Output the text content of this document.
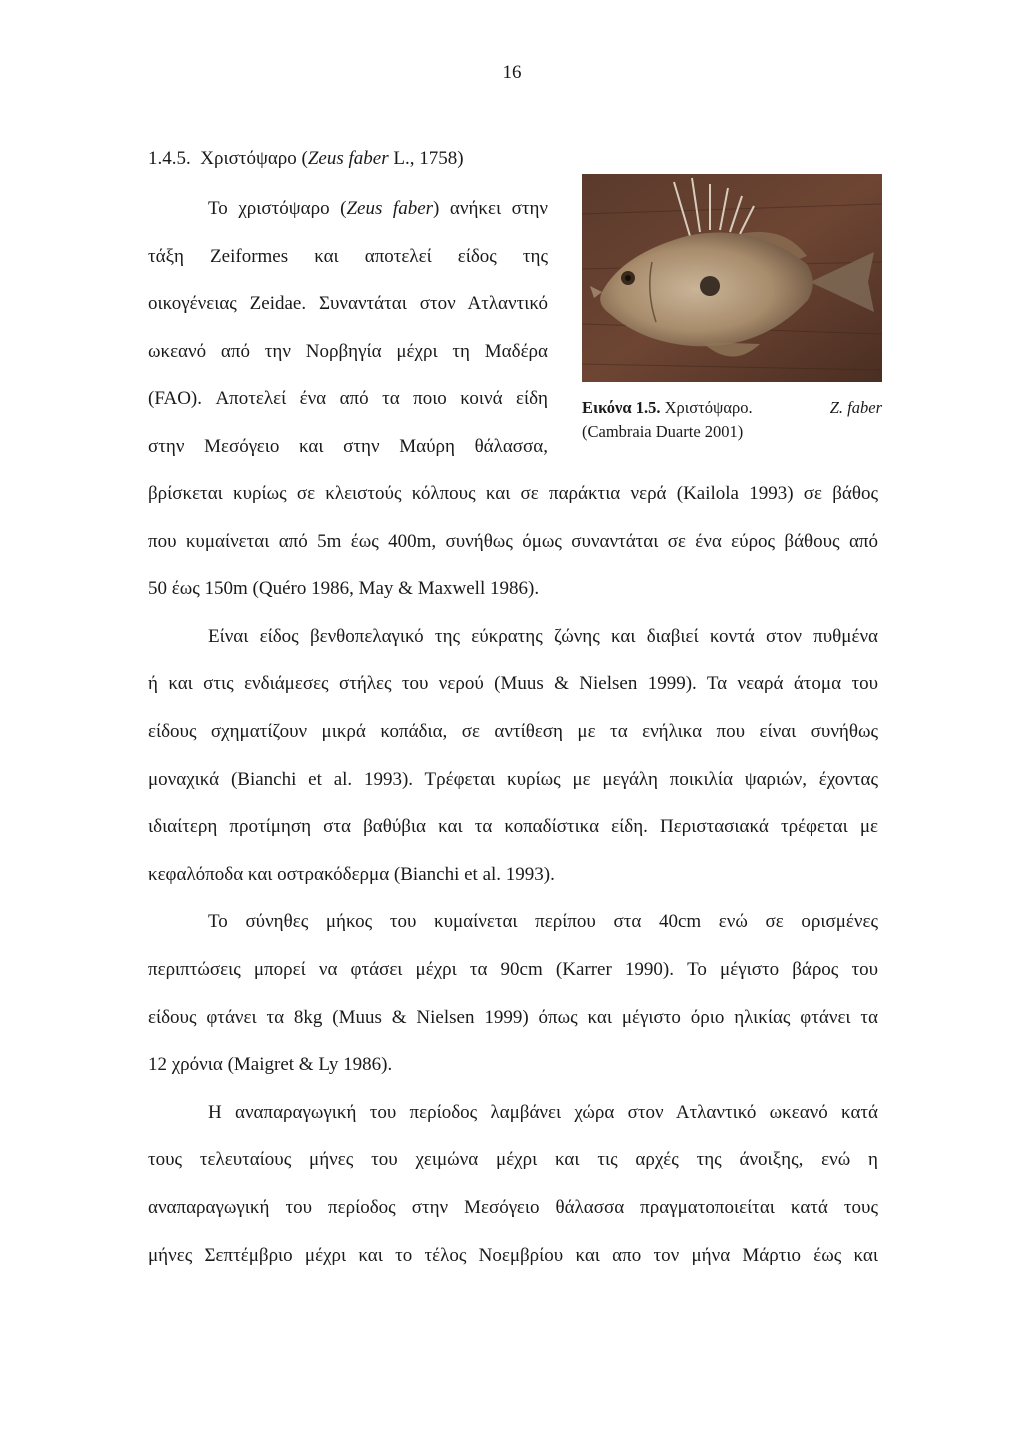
16
1.4.5. Χριστόψαρο (Zeus faber L., 1758)

Το χριστόψαρο (Zeus faber) ανήκει στην

τάξη Zeiformes και αποτελεί είδος της

οικογένειας Zeidae. Συναντάται στον Ατλαντικό

ωκεανό από την Νορβηγία μέχρι τη Μαδέρα

(FAO). Αποτελεί ένα από τα ποιο κοινά είδη

στην Μεσόγειο και στην Μαύρη θάλασσα,

Εικόνα 1.5. Χριστόψαρο.	Z. faber
(Cambraia Duarte 2001)
βρίσκεται κυρίως σε κλειστούς κόλπους και σε παράκτια νερά (Kailola 1993) σε βάθος
που κυμαίνεται από 5m έως 400m, συνήθως όμως συναντάται σε ένα εύρος βάθους από
50 έως 150m (Quéro 1986, May & Maxwell 1986).
Είναι είδος βενθοπελαγικό της εύκρατης ζώνης και διαβιεί κοντά στον πυθμένα
ή και στις ενδιάμεσες στήλες του νερού (Muus & Nielsen 1999). Τα νεαρά άτομα του
είδους σχηματίζουν μικρά κοπάδια, σε αντίθεση με τα ενήλικα που είναι συνήθως
μοναχικά (Bianchi et al. 1993). Τρέφεται κυρίως με μεγάλη ποικιλία ψαριών, έχοντας
ιδιαίτερη προτίμηση στα βαθύβια και τα κοπαδίστικα είδη. Περιστασιακά τρέφεται με
κεφαλόποδα και οστρακόδερμα (Bianchi et al. 1993).
Το σύνηθες μήκος του κυμαίνεται περίπου στα 40cm ενώ σε ορισμένες
περιπτώσεις μπορεί να φτάσει μέχρι τα 90cm (Karrer 1990). Το μέγιστο βάρος του
είδους φτάνει τα 8kg (Muus & Nielsen 1999) όπως και μέγιστο όριο ηλικίας φτάνει τα
12 χρόνια (Maigret & Ly 1986).
Η αναπαραγωγική του περίοδος λαμβάνει χώρα στον Ατλαντικό ωκεανό κατά
τους τελευταίους μήνες του χειμώνα μέχρι και τις αρχές της άνοιξης, ενώ η
αναπαραγωγική του περίοδος στην Μεσόγειο θάλασσα πραγματοποιείται κατά τους
μήνες Σεπτέμβριο μέχρι και το τέλος Νοεμβρίου και απο τον μήνα Μάρτιο έως και
